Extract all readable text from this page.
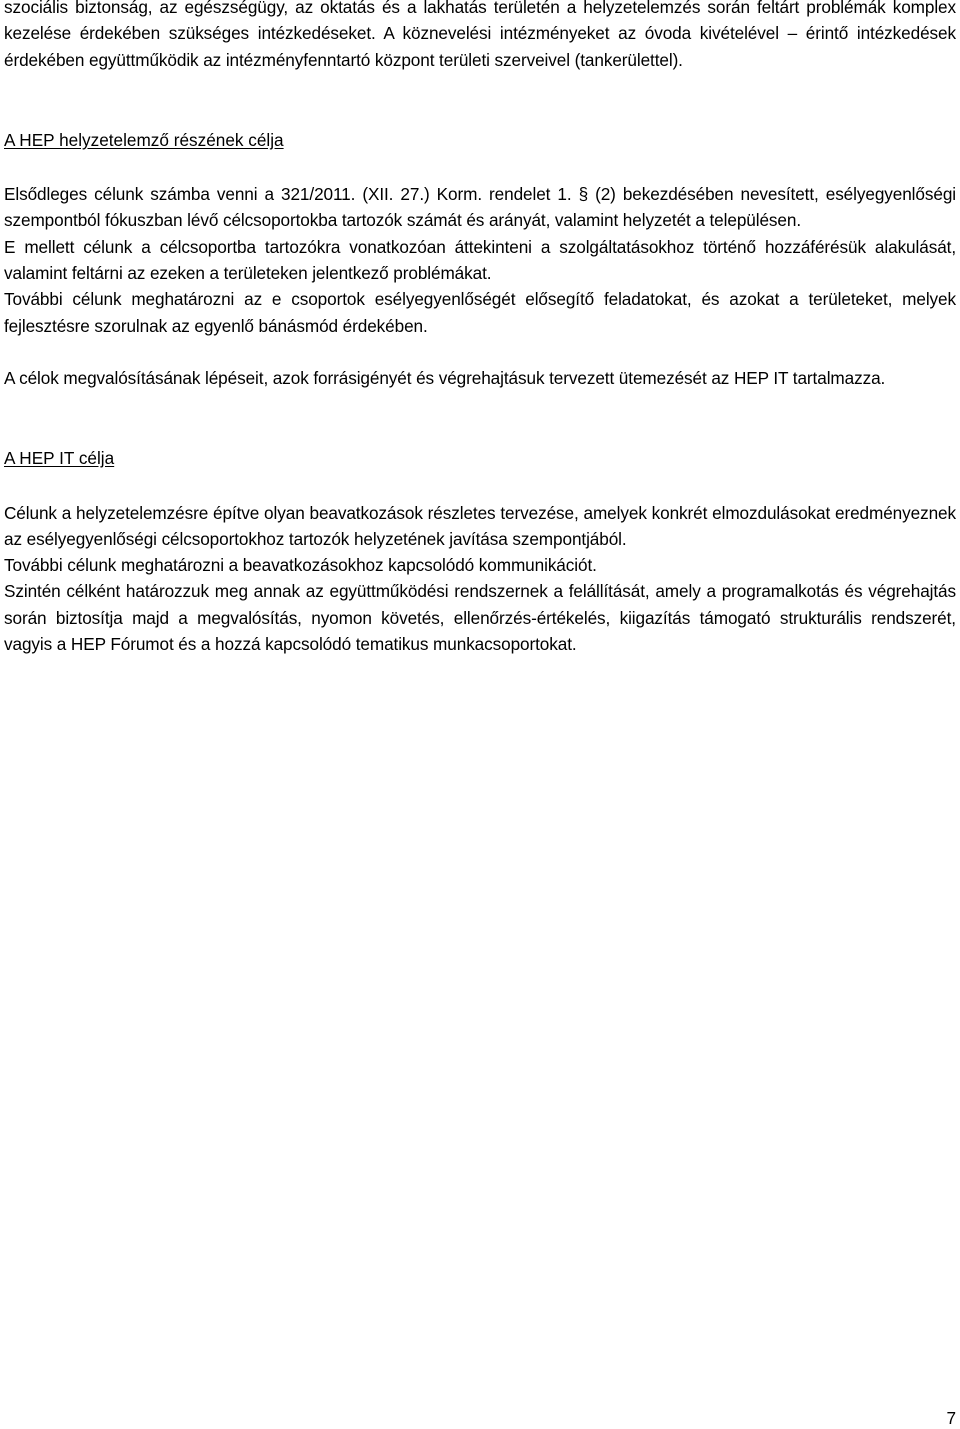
szociális biztonság, az egészségügy, az oktatás és a lakhatás területén a helyzetelemzés során feltárt problémák komplex kezelése érdekében szükséges intézkedéseket. A köznevelési intézményeket az óvoda kivételével – érintő intézkedések érdekében együttműködik az intézményfenntartó központ területi szerveivel (tankerülettel).

A HEP helyzetelemző részének célja

Elsődleges célunk számba venni a 321/2011. (XII. 27.) Korm. rendelet 1. § (2) bekezdésében nevesített, esélyegyenlőségi szempontból fókuszban lévő célcsoportokba tartozók számát és arányát, valamint helyzetét a településen.

E mellett célunk a célcsoportba tartozókra vonatkozóan áttekinteni a szolgáltatásokhoz történő hozzáférésük alakulását, valamint feltárni az ezeken a területeken jelentkező problémákat.

További célunk meghatározni az e csoportok esélyegyenlőségét elősegítő feladatokat, és azokat a területeket, melyek fejlesztésre szorulnak az egyenlő bánásmód érdekében.

A célok megvalósításának lépéseit, azok forrásigényét és végrehajtásuk tervezett ütemezését az HEP IT tartalmazza.

A HEP IT célja

Célunk a helyzetelemzésre építve olyan beavatkozások részletes tervezése, amelyek konkrét elmozdulásokat eredményeznek az esélyegyenlőségi célcsoportokhoz tartozók helyzetének javítása szempontjából.

További célunk meghatározni a beavatkozásokhoz kapcsolódó kommunikációt.

Szintén célként határozzuk meg annak az együttműködési rendszernek a felállítását, amely a programalkotás és végrehajtás során biztosítja majd a megvalósítás, nyomon követés, ellenőrzés-értékelés, kiigazítás támogató strukturális rendszerét, vagyis a HEP Fórumot és a hozzá kapcsolódó tematikus munkacsoportokat.

7
